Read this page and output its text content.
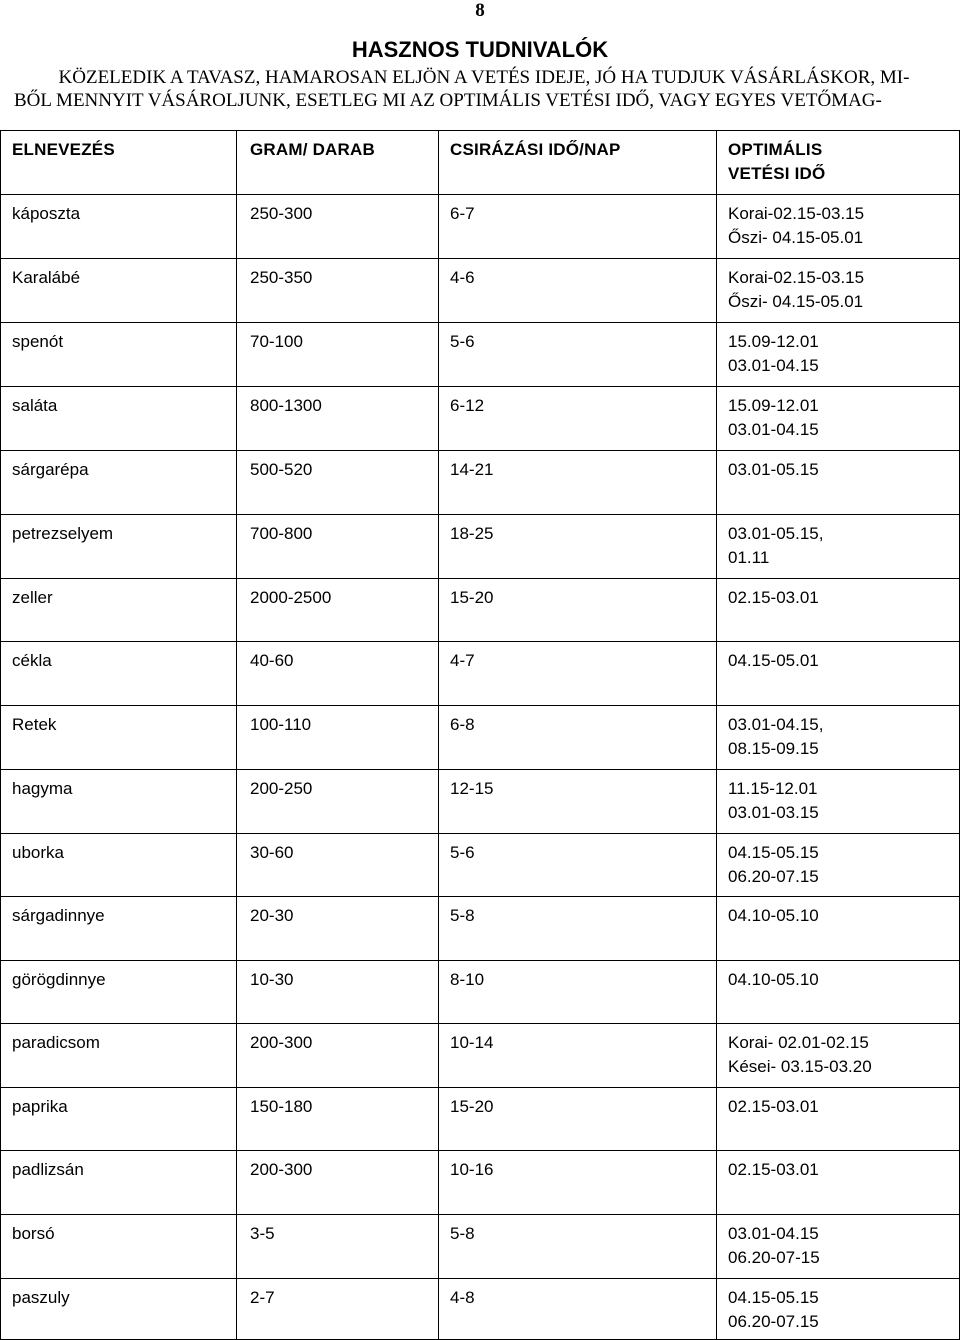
8
HASZNOS TUDNIVALÓK
KÖZELEDIK A TAVASZ, HAMAROSAN ELJÖN A VETÉS IDEJE, JÓ HA TUDJUK VÁSÁRLÁSKOR, MI-
BŐL MENNYIT VÁSÁROLJUNK, ESETLEG MI AZ OPTIMÁLIS VETÉSI IDŐ, VAGY EGYES VETŐMAG-
ELNEVEZÉS	GRAM/ DARAB	CSIRÁZÁSI IDŐ/NAP	OPTIMÁLIS
VETÉSI IDŐ
káposzta	250-300	6-7	Korai-02.15-03.15
Őszi- 04.15-05.01
Karalábé	250-350	4-6	Korai-02.15-03.15
Őszi- 04.15-05.01
spenót	70-100	5-6	15.09-12.01
03.01-04.15
saláta	800-1300	6-12	15.09-12.01
03.01-04.15
sárgarépa	500-520	14-21	03.01-05.15
petrezselyem	700-800	18-25	03.01-05.15,
01.11
zeller	2000-2500	15-20	02.15-03.01
cékla	40-60	4-7	04.15-05.01
Retek	100-110	6-8	03.01-04.15,
08.15-09.15
hagyma	200-250	12-15	11.15-12.01
03.01-03.15
uborka	30-60	5-6	04.15-05.15
06.20-07.15
sárgadinnye	20-30	5-8	04.10-05.10
görögdinnye	10-30	8-10	04.10-05.10
paradicsom	200-300	10-14	Korai- 02.01-02.15
Kései- 03.15-03.20
paprika	150-180	15-20	02.15-03.01
padlizsán	200-300	10-16	02.15-03.01
borsó	3-5	5-8	03.01-04.15
06.20-07-15
paszuly	2-7	4-8	04.15-05.15
06.20-07.15
